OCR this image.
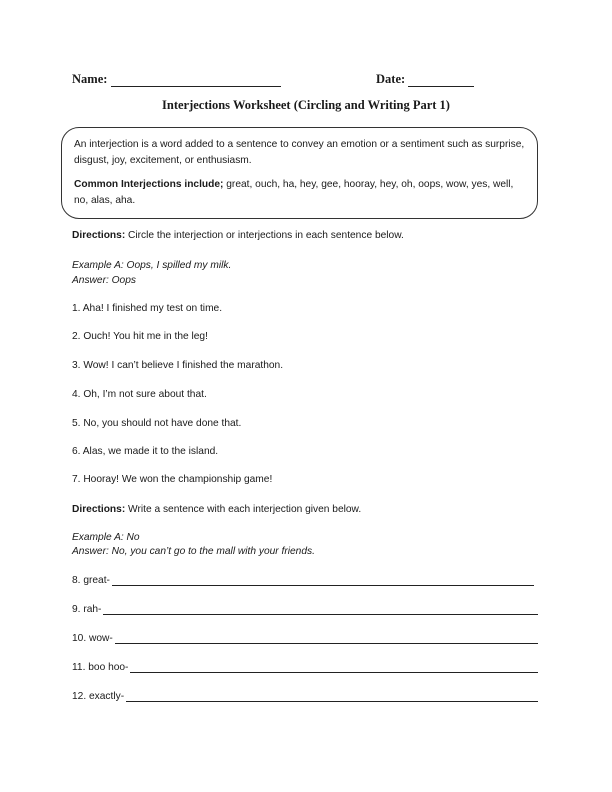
Name:	Date:
Interjections Worksheet (Circling and Writing Part 1)

An interjection is a word added to a sentence to convey an emotion or a sentiment such as surprise, disgust, joy, excitement, or enthusiasm.

Common Interjections include; great, ouch, ha, hey, gee, hooray, hey, oh, oops, wow, yes, well, no, alas, aha.

Directions: Circle the interjection or interjections in each sentence below.
Example A: Oops, I spilled my milk.
Answer: Oops
1. Aha! I finished my test on time.
2. Ouch! You hit me in the leg!
3. Wow! I can’t believe I finished the marathon.
4. Oh, I’m not sure about that.
5. No, you should not have done that.
6. Alas, we made it to the island.
7. Hooray! We won the championship game!
Directions: Write a sentence with each interjection given below.
Example A: No
Answer: No, you can’t go to the mall with your friends.
8. great-
9. rah-
10. wow-
11. boo hoo-
12. exactly-
